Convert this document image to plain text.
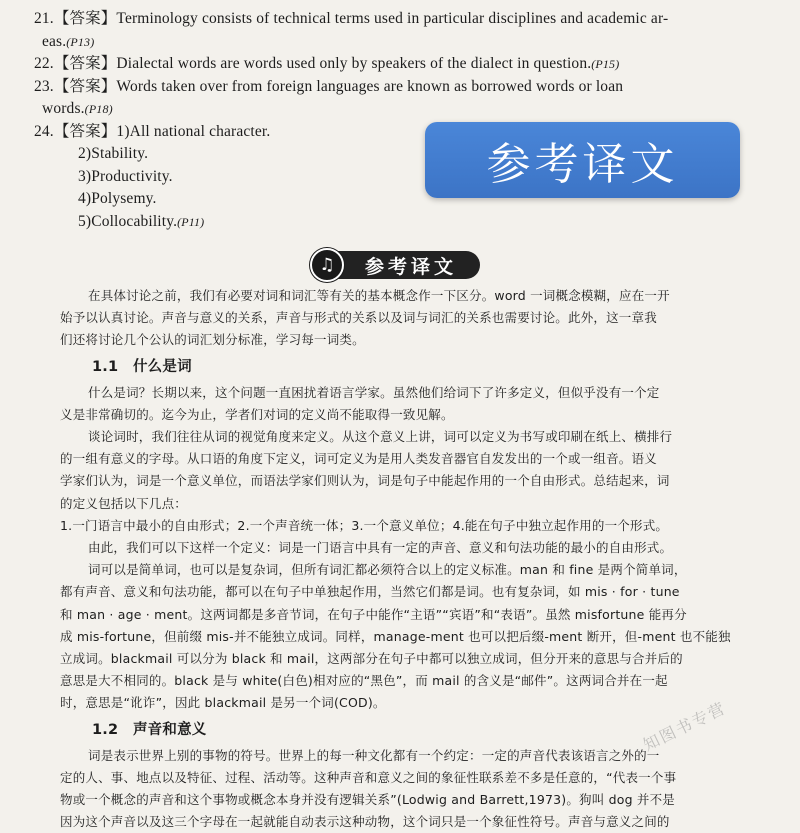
21.【答案】Terminology consists of technical terms used in particular disciplines and academic ar-
eas.(P13)
22.【答案】Dialectal words are words used only by speakers of the dialect in question.(P15)
23.【答案】Words taken over from foreign languages are known as borrowed words or loan
words.(P18)
24.【答案】1)All national character.
2)Stability.
3)Productivity.
4)Polysemy.
5)Collocability.(P11)
参考译文
♫	参考译文
在具体讨论之前，我们有必要对词和词汇等有关的基本概念作一下区分。word 一词概念模糊，应在一开
始予以认真讨论。声音与意义的关系，声音与形式的关系以及词与词汇的关系也需要讨论。此外，这一章我
们还将讨论几个公认的词汇划分标准，学习每一词类。
1.1　什么是词
什么是词？长期以来，这个问题一直困扰着语言学家。虽然他们给词下了许多定义，但似乎没有一个定
义是非常确切的。迄今为止，学者们对词的定义尚不能取得一致见解。
谈论词时，我们往往从词的视觉角度来定义。从这个意义上讲，词可以定义为书写或印刷在纸上、横排行
的一组有意义的字母。从口语的角度下定义，词可定义为是用人类发音器官自发发出的一个或一组音。语义
学家们认为，词是一个意义单位，而语法学家们则认为，词是句子中能起作用的一个自由形式。总结起来，词
的定义包括以下几点：
1.一门语言中最小的自由形式；2.一个声音统一体；3.一个意义单位；4.能在句子中独立起作用的一个形式。
由此，我们可以下这样一个定义：词是一门语言中具有一定的声音、意义和句法功能的最小的自由形式。
词可以是简单词，也可以是复杂词，但所有词汇都必须符合以上的定义标准。man 和 fine 是两个简单词，
都有声音、意义和句法功能，都可以在句子中单独起作用，当然它们都是词。也有复杂词，如 mis · for · tune
和 man · age · ment。这两词都是多音节词，在句子中能作“主语”“宾语”和“表语”。虽然 misfortune 能再分
成 mis-fortune，但前缀 mis-并不能独立成词。同样，manage-ment 也可以把后缀-ment 断开，但-ment 也不能独
立成词。blackmail 可以分为 black 和 mail，这两部分在句子中都可以独立成词，但分开来的意思与合并后的
意思是大不相同的。black 是与 white(白色)相对应的“黑色”，而 mail 的含义是“邮件”。这两词合并在一起
时，意思是“讹诈”，因此 blackmail 是另一个词(COD)。
1.2　声音和意义
词是表示世界上别的事物的符号。世界上的每一种文化都有一个约定：一定的声音代表该语言之外的一
定的人、事、地点以及特征、过程、活动等。这种声音和意义之间的象征性联系差不多是任意的，“代表一个事
物或一个概念的声音和这个事物或概念本身并没有逻辑关系”(Lodwig and Barrett,1973)。狗叫 dog 并不是
因为这个声音以及这三个字母在一起就能自动表示这种动物，这个词只是一个象征性符号。声音与意义之间的
知图书专营
